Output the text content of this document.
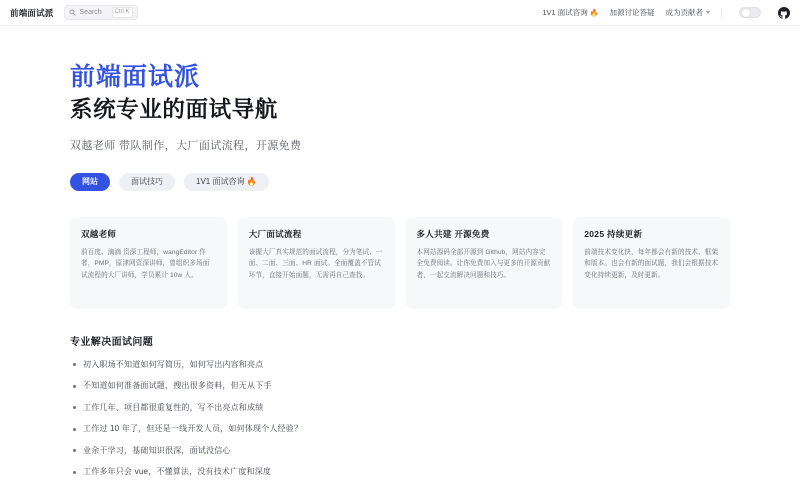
前端面试派	Search	Ctrl K	1V1 面试咨询 🔥 加源讨论答疑 成为贡献者
前端面试派
系统专业的面试导航

双越老师 带队制作，大厂面试流程，开源免费

网站	面试技巧	1V1 面试咨询 🔥
双越老师

前百度、滴滴 资深工程师，wangEditor 作者，PMP，原津网资深讲师，曾组织多场面试流程的大厂讲师，学员累计 10w 人。

大厂面试流程

该握大厂真实规范的面试流程，分为笔试、一面、二面、三面、HR 面试。全面覆盖不管试环节，直接开始面题，无需再自己查找。

多人共建 开源免费

本网站源码全部开源到 Github，网站内容完全免费阅读。让你免费加入与更多的开源贡献者，一起交流解决问题和技巧。

2025 持续更新

前端技术变化快，每年都会有新的技术、框架和版本。也会有新的面试题，我们会根据技术变化持续更新，及时更新。

专业解决面试问题
初入职场不知道如何写简历，如何写出内容和亮点
不知道如何准备面试题，搜出很多资料，但无从下手
工作几年、项目都很重复性的，写不出亮点和成绩
工作过 10 年了，但还是一线开发人员，如何体现个人经验？
业余干学习，基础知识很深，面试没信心
工作多年只会 vue，不懂算法，没有技术广度和深度
